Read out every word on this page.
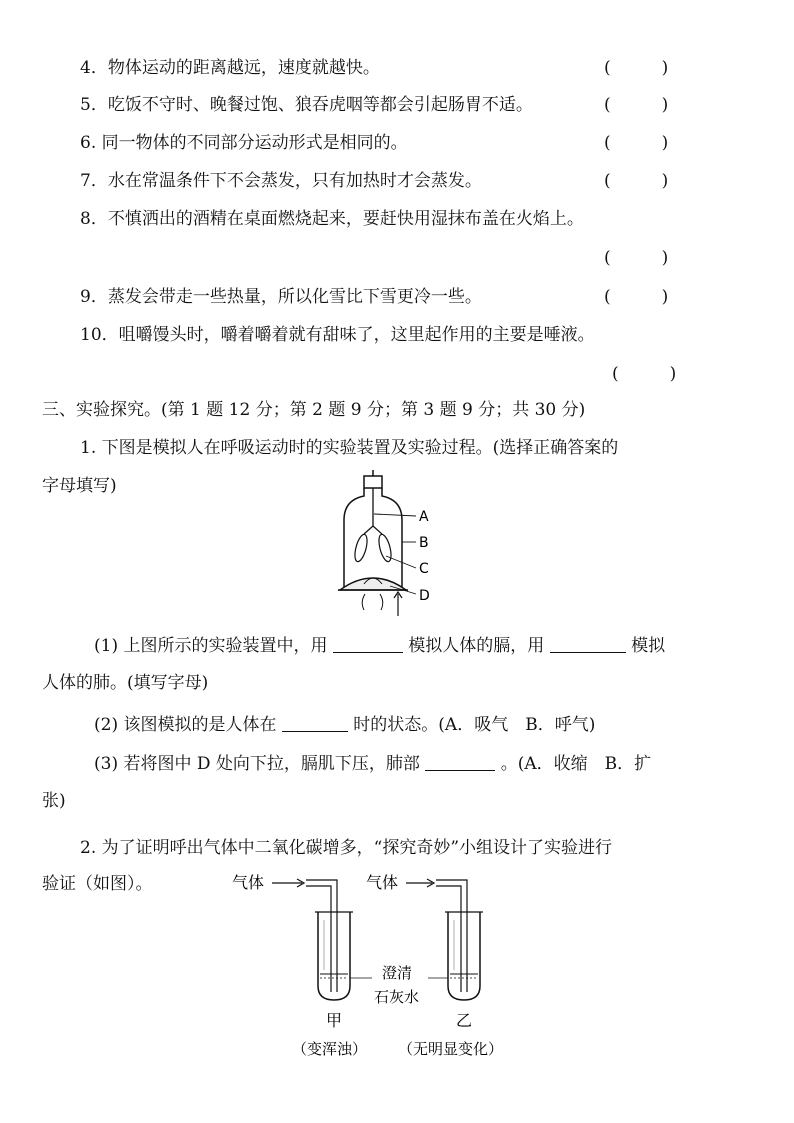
4．物体运动的距离越远，速度就越快。	(　　　)
5．吃饭不守时、晚餐过饱、狼吞虎咽等都会引起肠胃不适。	(　　　)
6. 同一物体的不同部分运动形式是相同的。	(　　　)
7．水在常温条件下不会蒸发，只有加热时才会蒸发。	(　　　)
8．不慎洒出的酒精在桌面燃烧起来，要赶快用湿抹布盖在火焰上。
(　　　)
9．蒸发会带走一些热量，所以化雪比下雪更冷一些。	(　　　)
10．咀嚼馒头时，嚼着嚼着就有甜味了，这里起作用的主要是唾液。
(　　　)
三、实验探究。(第 1 题 12 分；第 2 题 9 分；第 3 题 9 分；共 30 分)
1. 下图是模拟人在呼吸运动时的实验装置及实验过程。(选择正确答案的
字母填写)
A
B
C
D
(1) 上图所示的实验装置中，用	模拟人体的膈，用	模拟
人体的肺。(填写字母)
(2) 该图模拟的是人体在	时的状态。(A．吸气　B．呼气)
(3) 若将图中 D 处向下拉，膈肌下压，肺部	。(A．收缩　B．扩
张)
2. 为了证明呼出气体中二氧化碳增多，“探究奇妙”小组设计了实验进行
验证（如图）。	气体	气体
澄清
石灰水
甲	乙
（变浑浊） （无明显变化）
